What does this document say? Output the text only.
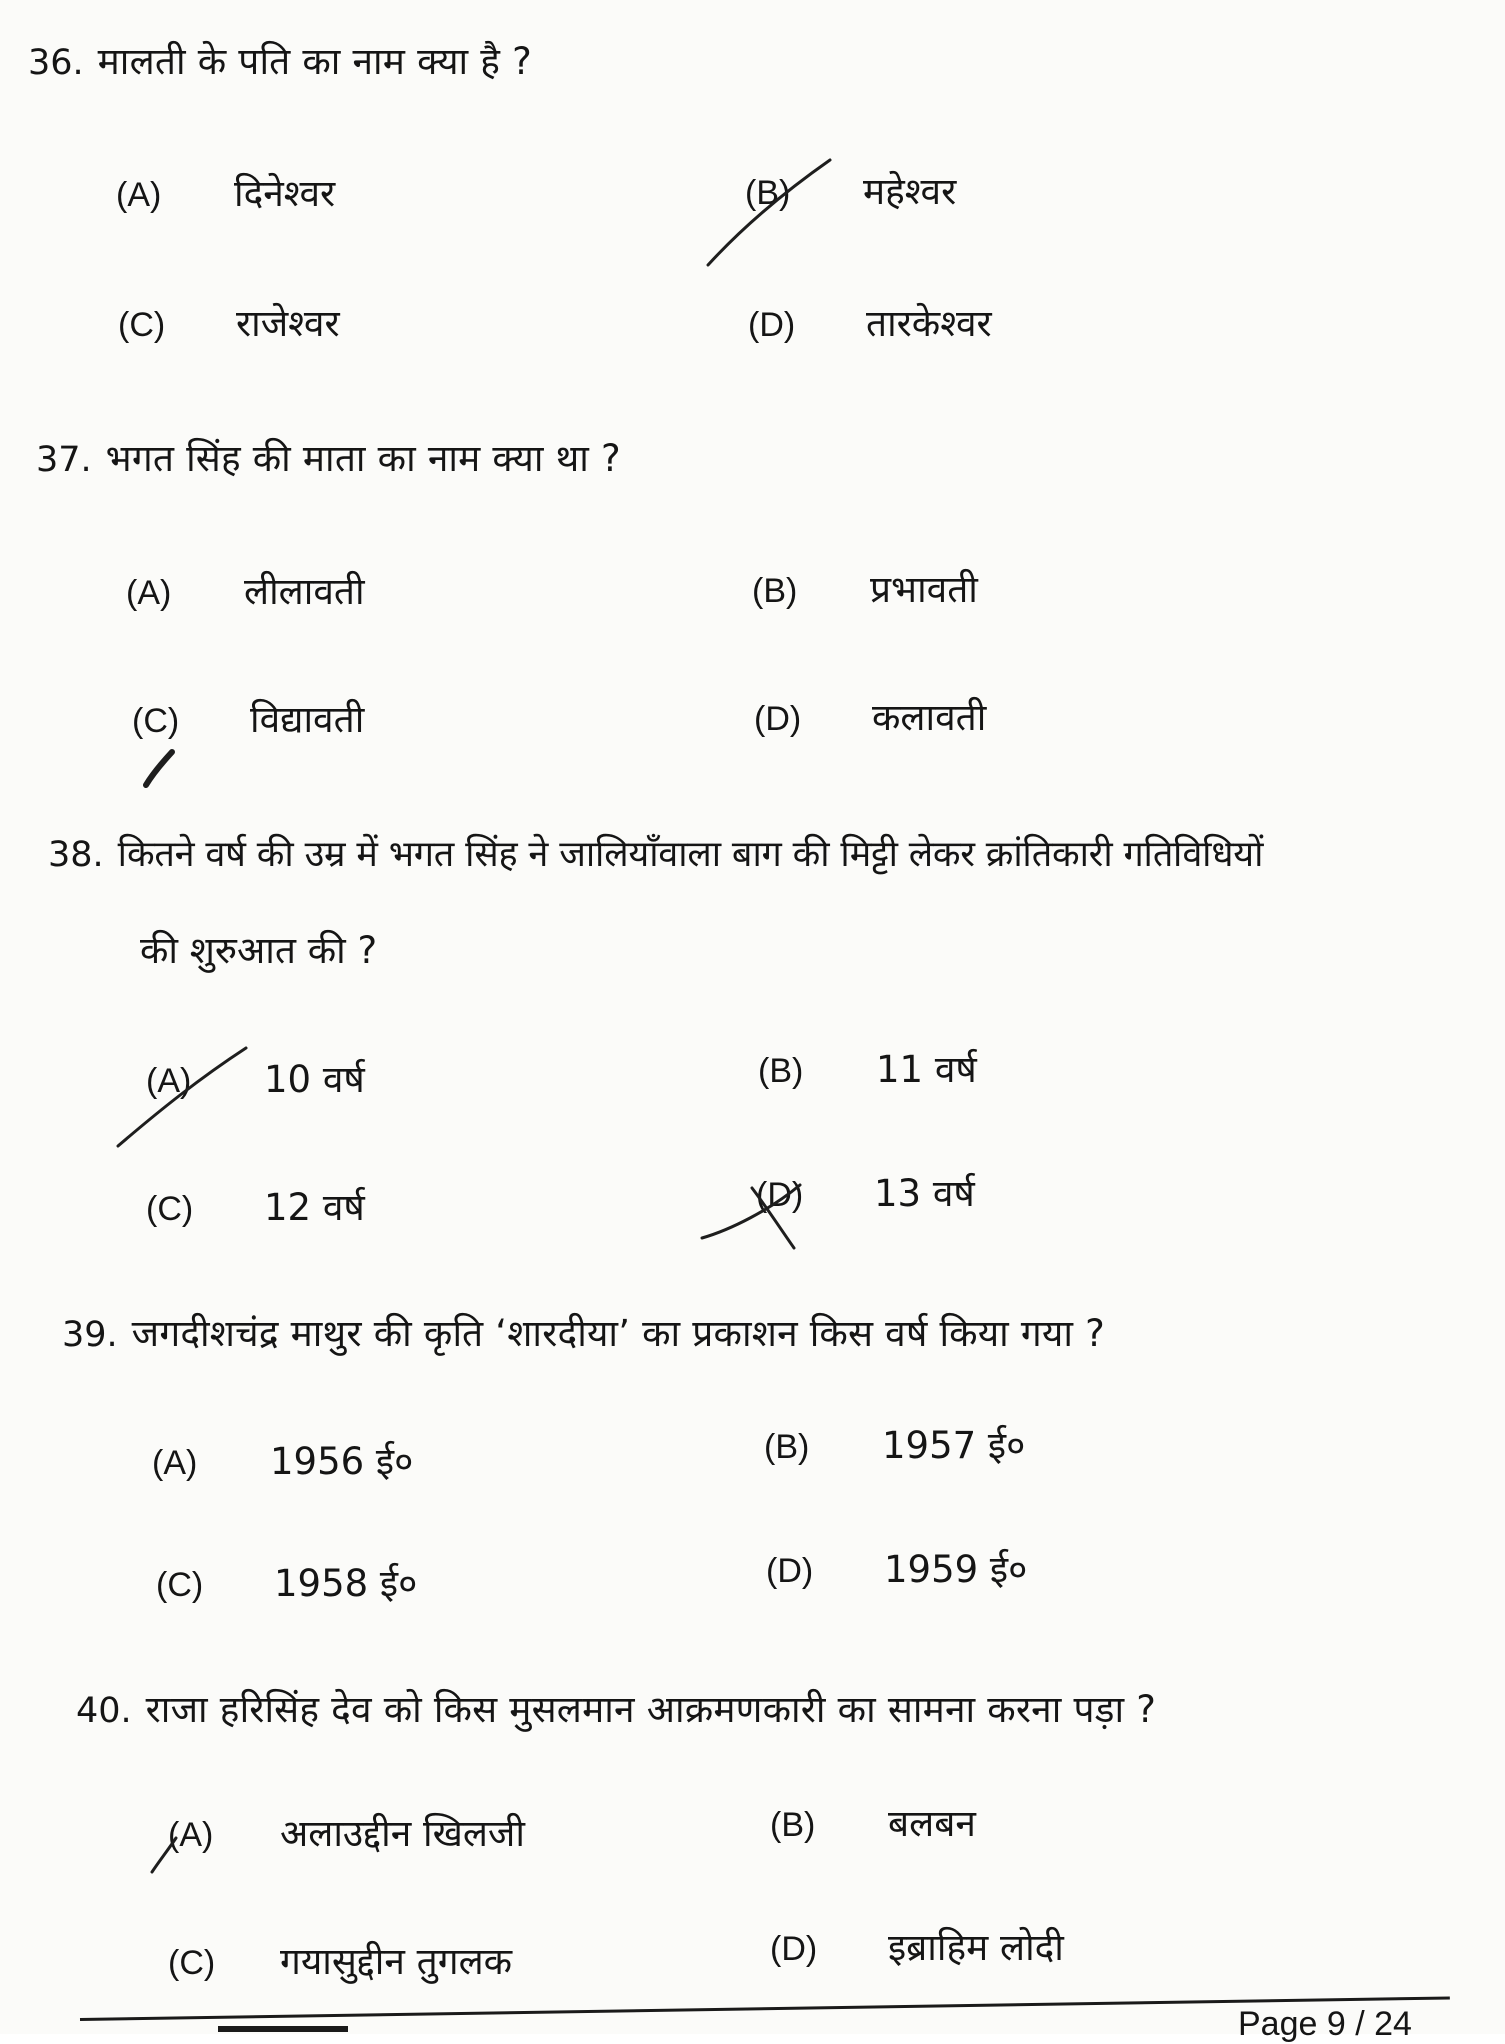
36. मालती के पति का नाम क्या है ?
(A) दिनेश्वर	(B) महेश्वर
(C) राजेश्वर	(D) तारकेश्वर
37. भगत सिंह की माता का नाम क्या था ?
(A) लीलावती	(B) प्रभावती
(C) विद्यावती	(D) कलावती
38. कितने वर्ष की उम्र में भगत सिंह ने जालियाँवाला बाग की मिट्टी लेकर क्रांतिकारी गतिविधियों
की शुरुआत की ?
(A) 10 वर्ष	(B) 11 वर्ष
(C) 12 वर्ष	(D) 13 वर्ष
39. जगदीशचंद्र माथुर की कृति ‘शारदीया’ का प्रकाशन किस वर्ष किया गया ?
(A) 1956 ई०	(B) 1957 ई०
(C) 1958 ई०	(D) 1959 ई०
40. राजा हरिसिंह देव को किस मुसलमान आक्रमणकारी का सामना करना पड़ा ?
(A) अलाउद्दीन खिलजी	(B) बलबन
(C) गयासुद्दीन तुगलक	(D) इब्राहिम लोदी
Page 9 / 24
